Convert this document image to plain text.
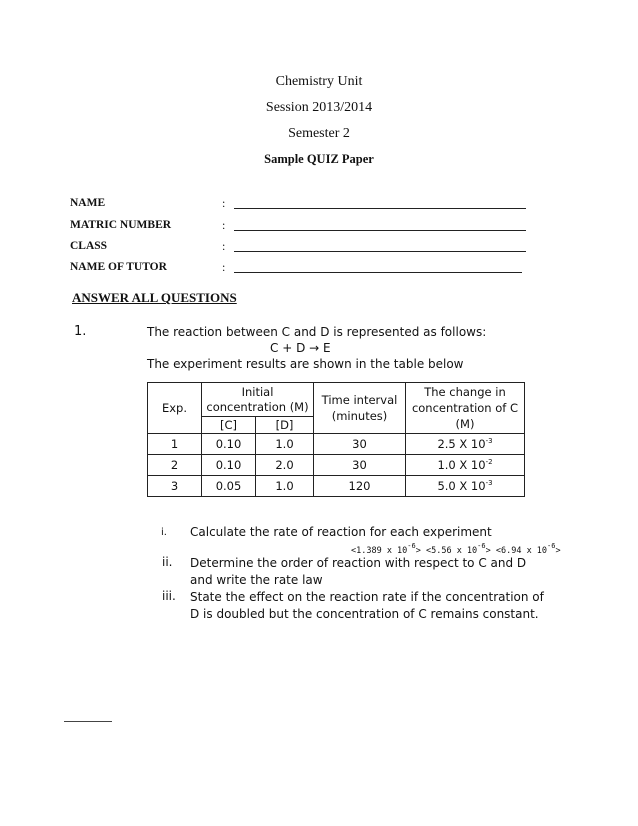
Chemistry Unit
Session 2013/2014
Semester 2
Sample QUIZ Paper
NAME	:
MATRIC NUMBER	:
CLASS	:
NAME OF TUTOR	:
ANSWER ALL QUESTIONS
1.	The reaction between C and D is represented as follows:
C + D → E
The experiment results are shown in the table below
Exp.	Initial concentration (M)		Time interval (minutes)	The change in concentration of C (M)
	[C]	[D]		
1	0.10	1.0	30	2.5 X $10^{-3}$
2	0.10	2.0	30	1.0 X $10^{-2}$
3	0.05	1.0	120	5.0 X $10^{-3}$
i. Calculate the rate of reaction for each experiment
<1.389 x $10^{-6}> <5.56$ x $10^{-6}> <6.94$ x $10^{-6}>$
ii. Determine the order of reaction with respect to C and D and write the rate law
iii. State the effect on the reaction rate if the concentration of D is doubled but the concentration of C remains constant.
